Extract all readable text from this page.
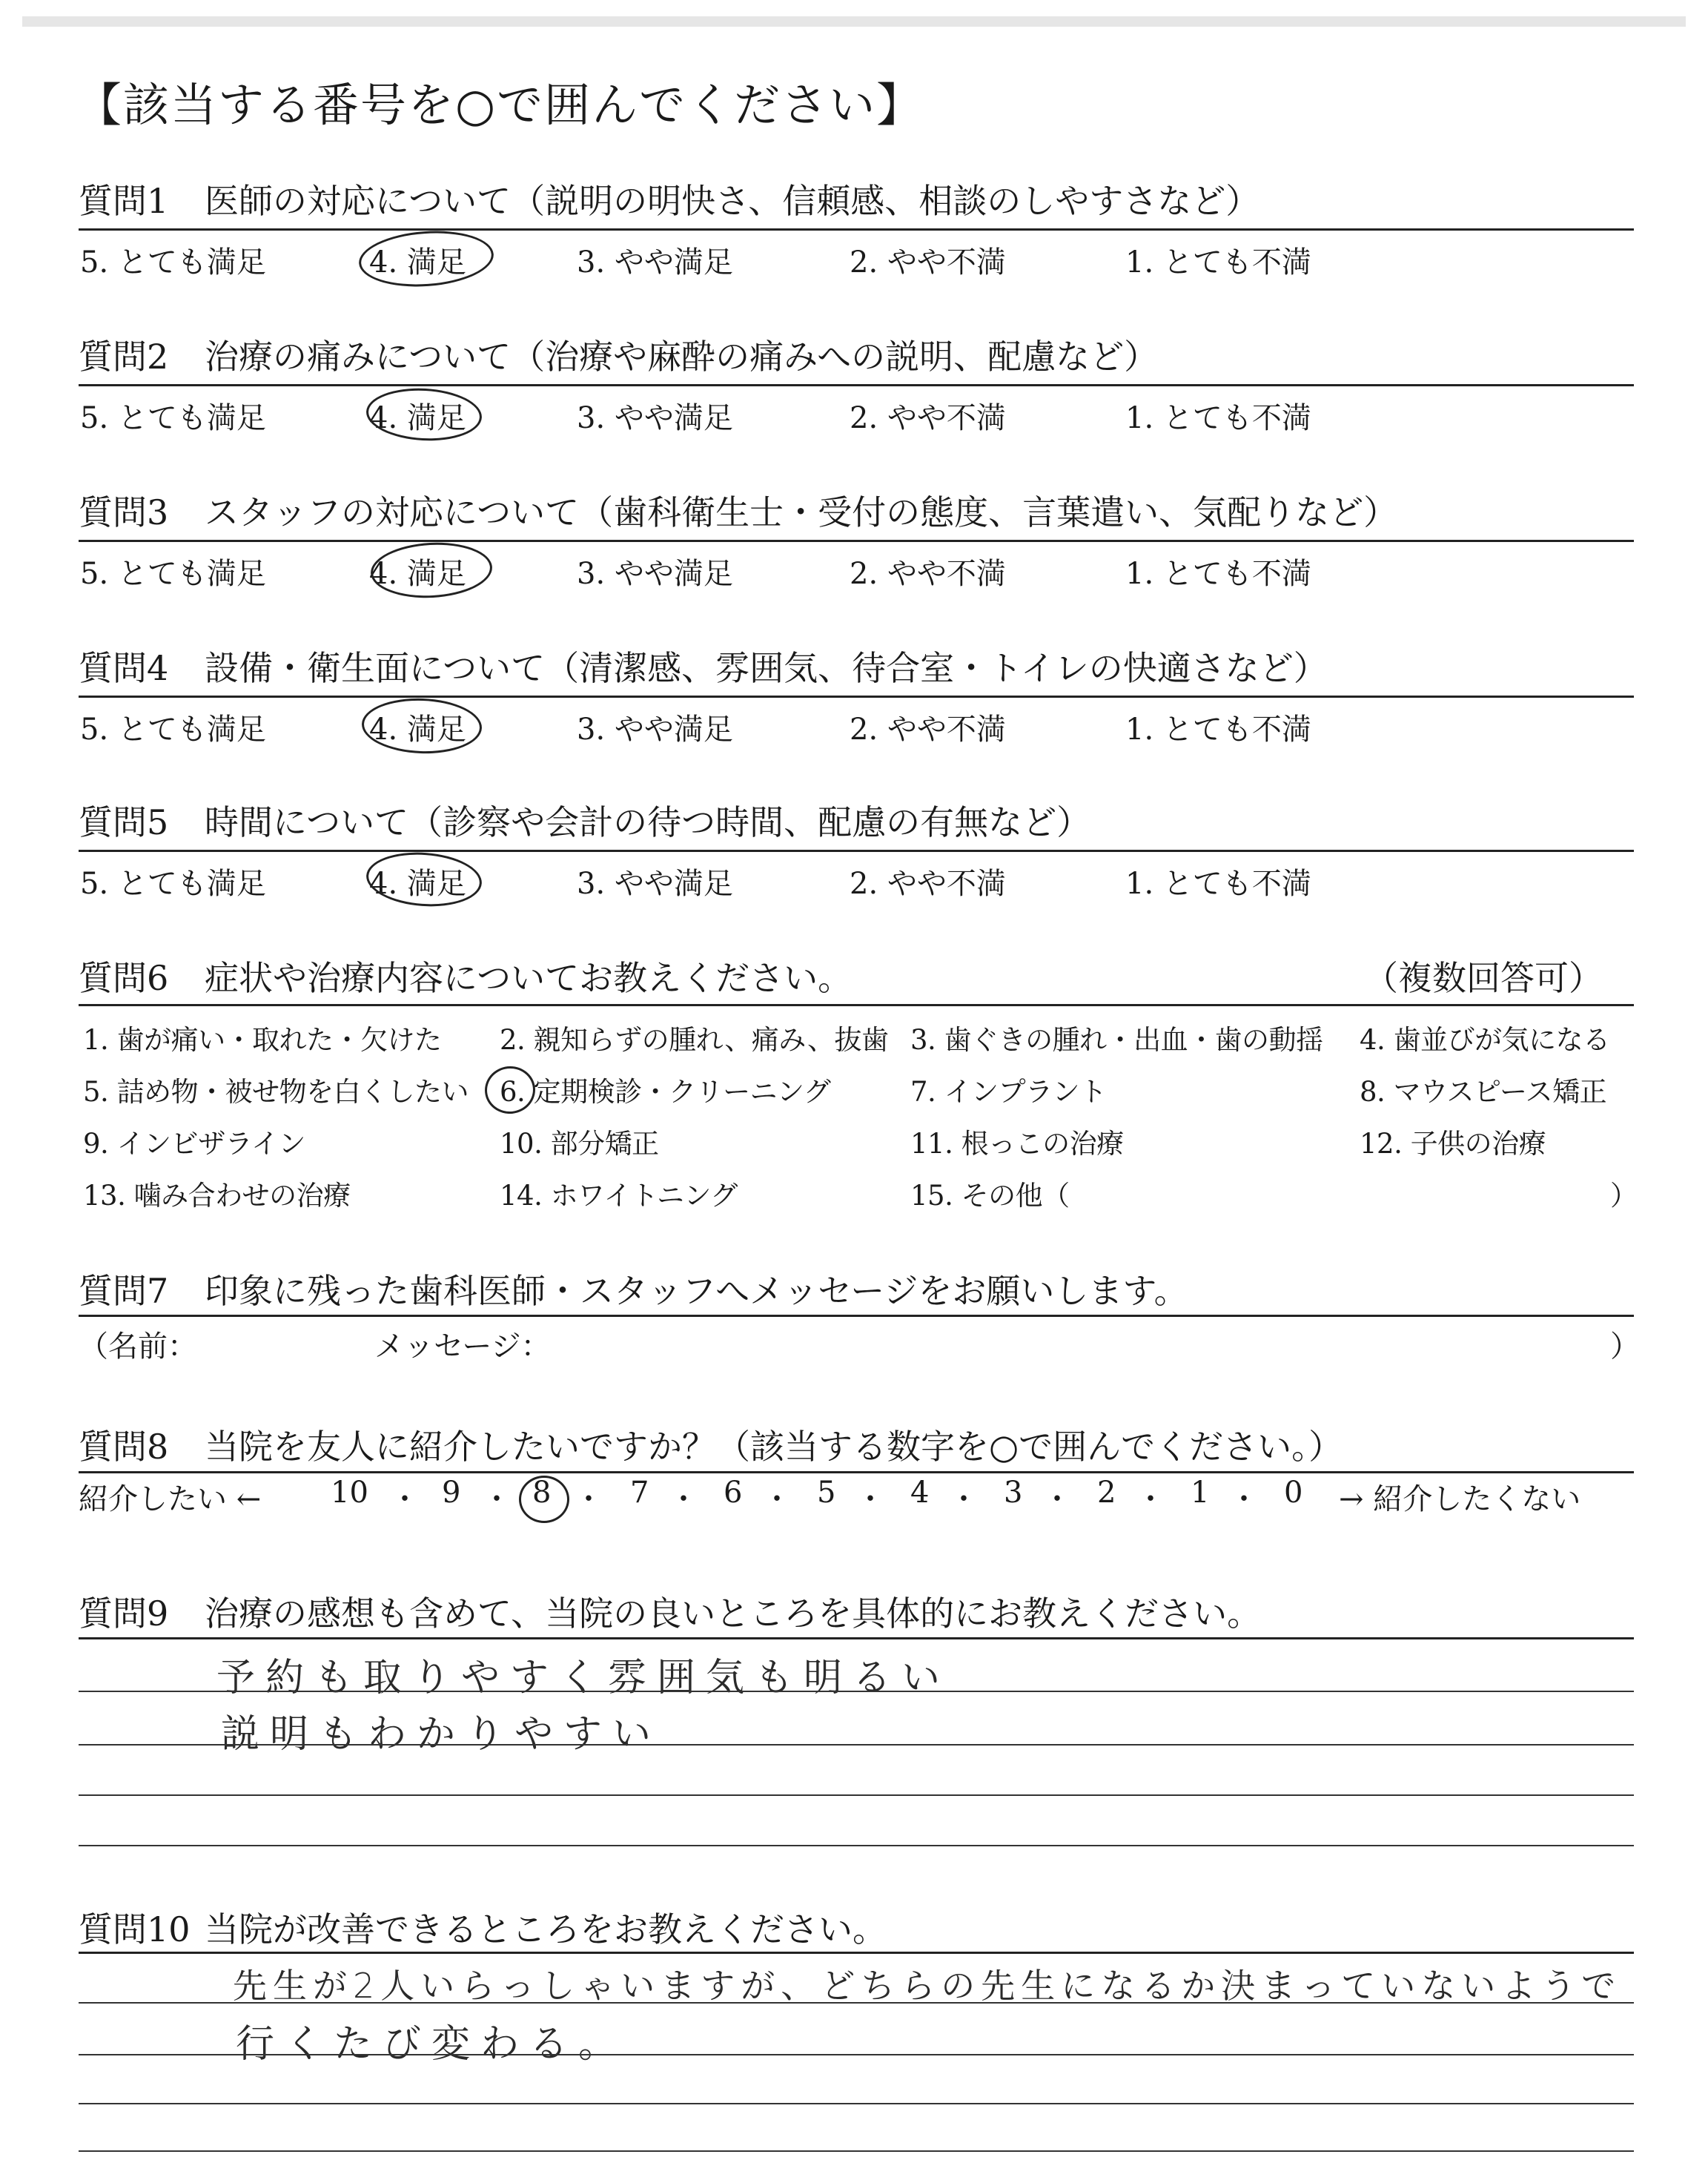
【該当する番号を○で囲んでください】
質問1 医師の対応について（説明の明快さ、信頼感、相談のしやすさなど）
5. とても満足	4. 満足	3. やや満足	2. やや不満	1. とても不満
質問2 治療の痛みについて（治療や麻酔の痛みへの説明、配慮など）
5. とても満足	4. 満足	3. やや満足	2. やや不満	1. とても不満
質問3 スタッフの対応について（歯科衛生士・受付の態度、言葉遣い、気配りなど）
5. とても満足	4. 満足	3. やや満足	2. やや不満	1. とても不満
質問4 設備・衛生面について（清潔感、雰囲気、待合室・トイレの快適さなど）
5. とても満足	4. 満足	3. やや満足	2. やや不満	1. とても不満
質問5 時間について（診察や会計の待つ時間、配慮の有無など）
5. とても満足	4. 満足	3. やや満足	2. やや不満	1. とても不満
質問6 症状や治療内容についてお教えください。	（複数回答可）
1. 歯が痛い・取れた・欠けた 2. 親知らずの腫れ、痛み、抜歯 3. 歯ぐきの腫れ・出血・歯の動揺 4. 歯並びが気になる
5. 詰め物・被せ物を白くしたい 6. 定期検診・クリーニング	7. インプラント	8. マウスピース矯正
9. インビザライン	10. 部分矯正	11. 根っこの治療	12. 子供の治療
13. 噛み合わせの治療	14. ホワイトニング	15. その他（	）
質問7 印象に残った歯科医師・スタッフへメッセージをお願いします。
（名前：	メッセージ：	）
質問8 当院を友人に紹介したいですか？（該当する数字を○で囲んでください。）
紹介したい ← 10 ・ 9 ・ 8 ・ 7 ・ 6 ・ 5 ・ 4 ・ 3 ・ 2 ・ 1 ・ 0 → 紹介したくない
質問9 治療の感想も含めて、当院の良いところを具体的にお教えください。
予約も取りやすく雰囲気も明るい
説明もわかりやすい
質問10 当院が改善できるところをお教えください。
先生が2人いらっしゃいますが、どちらの先生になるか決まっていないようで
行くたび変わる。
